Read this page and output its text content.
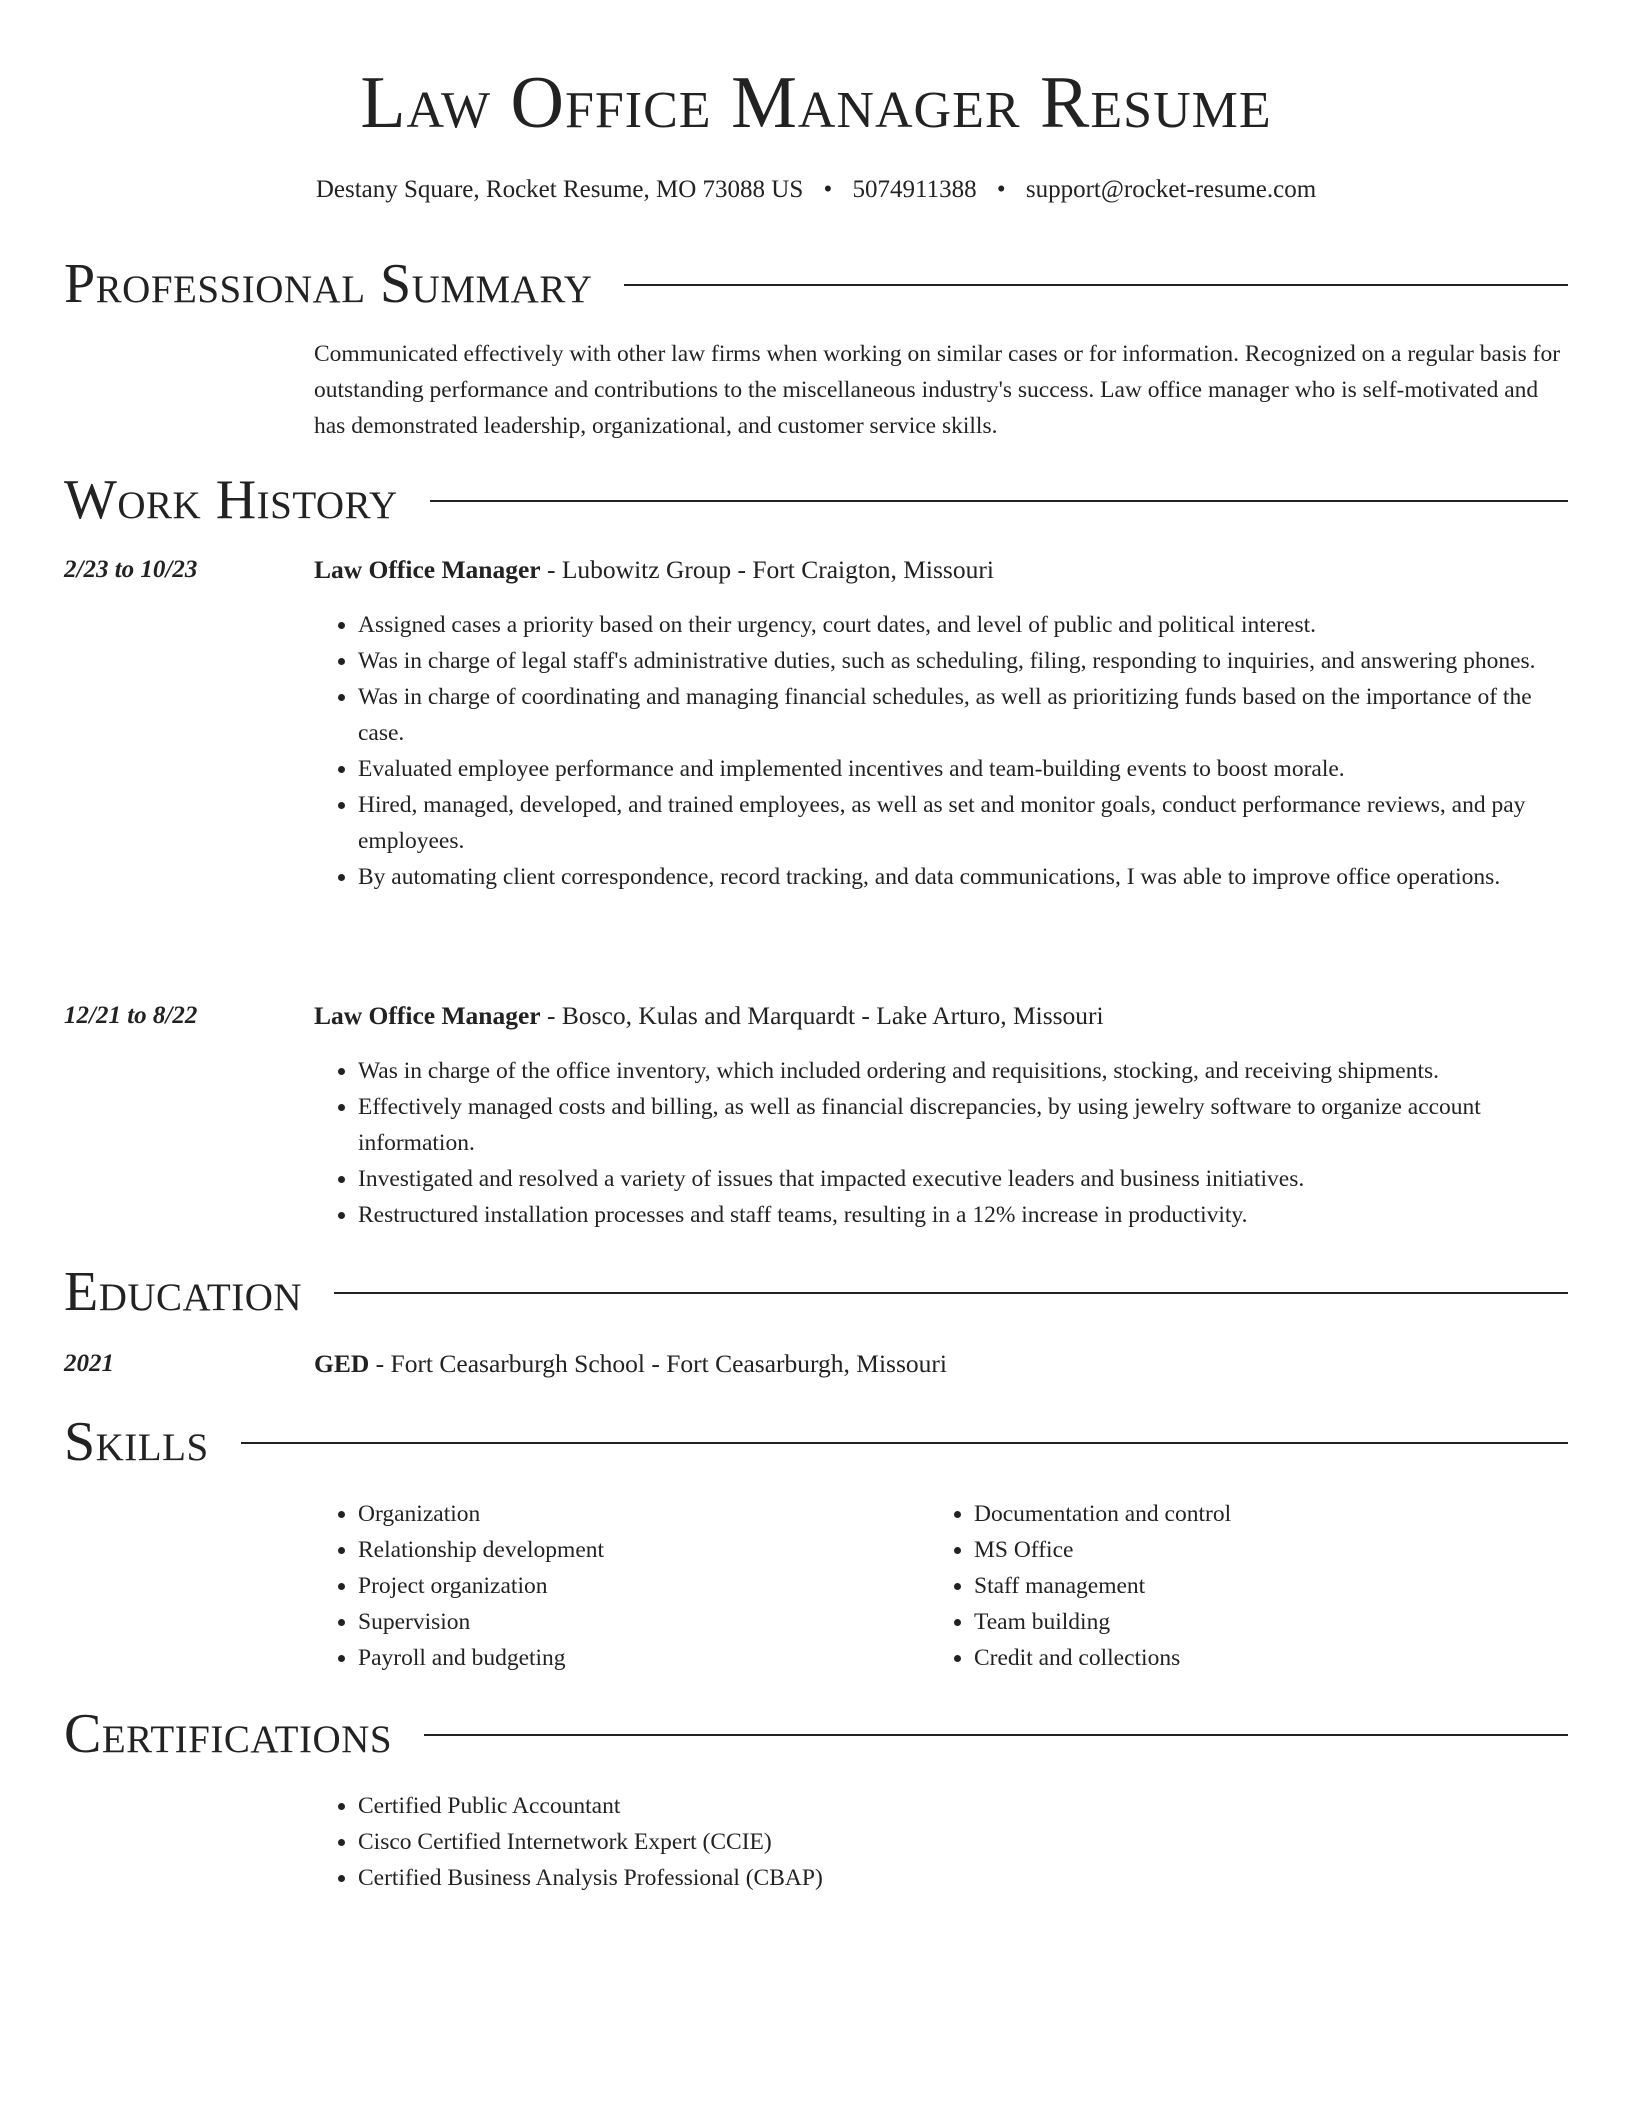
Law Office Manager Resume
Destany Square, Rocket Resume, MO 73088 US • 5074911388 • support@rocket-resume.com
Professional Summary

Communicated effectively with other law firms when working on similar cases or for information. Recognized on a regular basis for outstanding performance and contributions to the miscellaneous industry's success. Law office manager who is self-motivated and has demonstrated leadership, organizational, and customer service skills.

Work History
2/23 to 10/23	Law Office Manager - Lubowitz Group - Fort Craigton, Missouri
• Assigned cases a priority based on their urgency, court dates, and level of public and political interest.
• Was in charge of legal staff's administrative duties, such as scheduling, filing, responding to inquiries, and answering phones.
• Was in charge of coordinating and managing financial schedules, as well as prioritizing funds based on the importance of the case.
• Evaluated employee performance and implemented incentives and team-building events to boost morale.
• Hired, managed, developed, and trained employees, as well as set and monitor goals, conduct performance reviews, and pay employees.
• By automating client correspondence, record tracking, and data communications, I was able to improve office operations.
12/21 to 8/22	Law Office Manager - Bosco, Kulas and Marquardt - Lake Arturo, Missouri
• Was in charge of the office inventory, which included ordering and requisitions, stocking, and receiving shipments.
• Effectively managed costs and billing, as well as financial discrepancies, by using jewelry software to organize account information.
• Investigated and resolved a variety of issues that impacted executive leaders and business initiatives.
• Restructured installation processes and staff teams, resulting in a 12% increase in productivity.
Education
2021	GED - Fort Ceasarburgh School - Fort Ceasarburgh, Missouri
Skills
• Organization
• Relationship development
• Project organization
• Supervision
• Payroll and budgeting
• Documentation and control
• MS Office
• Staff management
• Team building
• Credit and collections
Certifications
• Certified Public Accountant
• Cisco Certified Internetwork Expert (CCIE)
• Certified Business Analysis Professional (CBAP)
